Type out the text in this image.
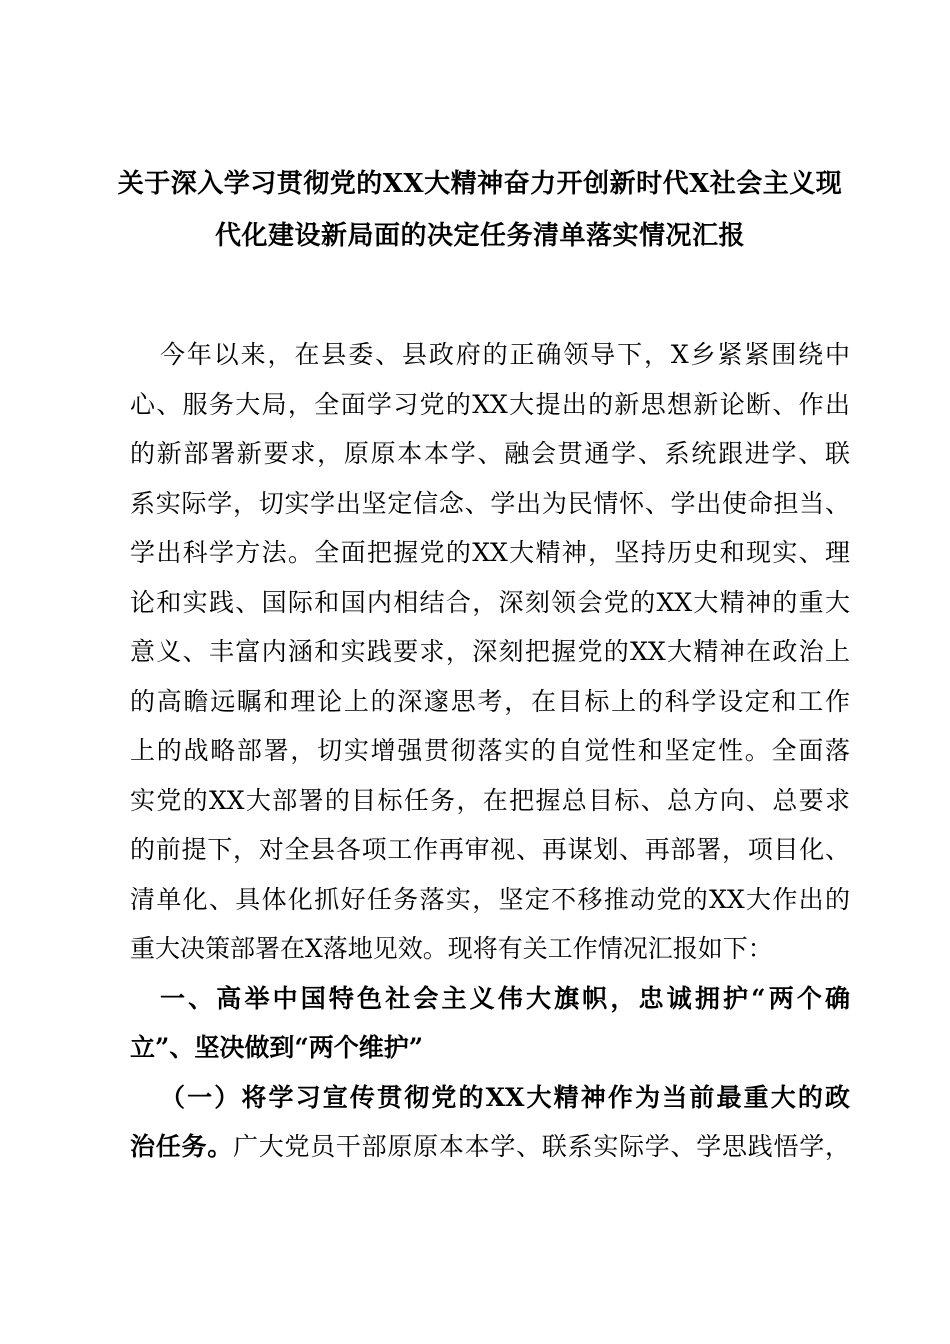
关于深入学习贯彻党的XX大精神奋力开创新时代X社会主义现
代化建设新局面的决定任务清单落实情况汇报
今年以来，在县委、县政府的正确领导下，X乡紧紧围绕中
心、服务大局，全面学习党的XX大提出的新思想新论断、作出
的新部署新要求，原原本本学、融会贯通学、系统跟进学、联
系实际学，切实学出坚定信念、学出为民情怀、学出使命担当、
学出科学方法。全面把握党的XX大精神，坚持历史和现实、理
论和实践、国际和国内相结合，深刻领会党的XX大精神的重大
意义、丰富内涵和实践要求，深刻把握党的XX大精神在政治上
的高瞻远瞩和理论上的深邃思考，在目标上的科学设定和工作
上的战略部署，切实增强贯彻落实的自觉性和坚定性。全面落
实党的XX大部署的目标任务，在把握总目标、总方向、总要求
的前提下，对全县各项工作再审视、再谋划、再部署，项目化、
清单化、具体化抓好任务落实，坚定不移推动党的XX大作出的
重大决策部署在X落地见效。现将有关工作情况汇报如下：
一、高举中国特色社会主义伟大旗帜，忠诚拥护“两个确
立”、坚决做到“两个维护”
（一）将学习宣传贯彻党的XX大精神作为当前最重大的政
治任务。广大党员干部原原本本学、联系实际学、学思践悟学，
